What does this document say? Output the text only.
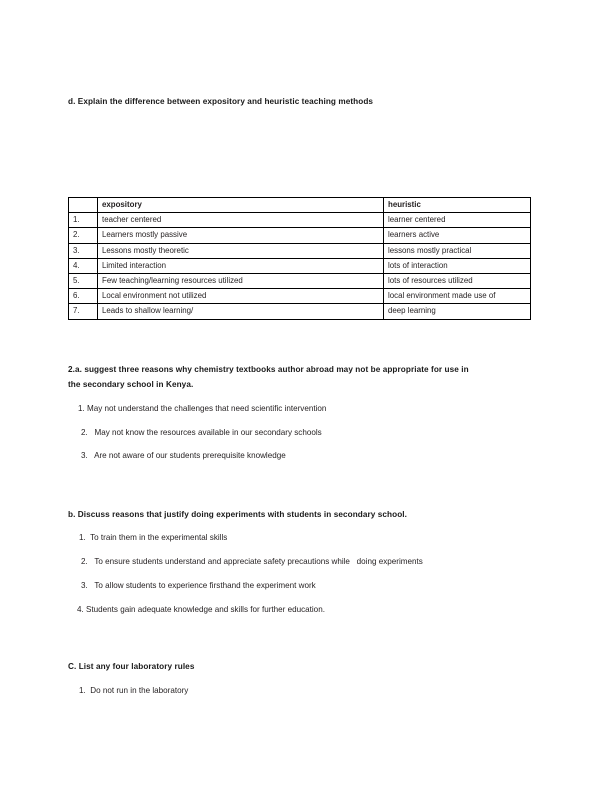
d. Explain the difference between expository and heuristic teaching methods
	expository	heuristic
1.	teacher centered	learner centered
2.	Learners mostly passive	learners active
3.	Lessons mostly theoretic	lessons mostly practical
4.	Limited interaction	lots of interaction
5.	Few teaching/learning resources utilized	lots of resources utilized
6.	Local environment not utilized	local environment made use of
7.	Leads to shallow learning/	deep learning
2.a. suggest three reasons why chemistry textbooks author abroad may not be appropriate for use in
the secondary school in Kenya.
1. May not understand the challenges that need scientific intervention
2.   May not know the resources available in our secondary schools
3.   Are not aware of our students prerequisite knowledge
b. Discuss reasons that justify doing experiments with students in secondary school.
1.  To train them in the experimental skills
2.   To ensure students understand and appreciate safety precautions while   doing experiments
3.   To allow students to experience firsthand the experiment work
4. Students gain adequate knowledge and skills for further education.
C. List any four laboratory rules
1.  Do not run in the laboratory
